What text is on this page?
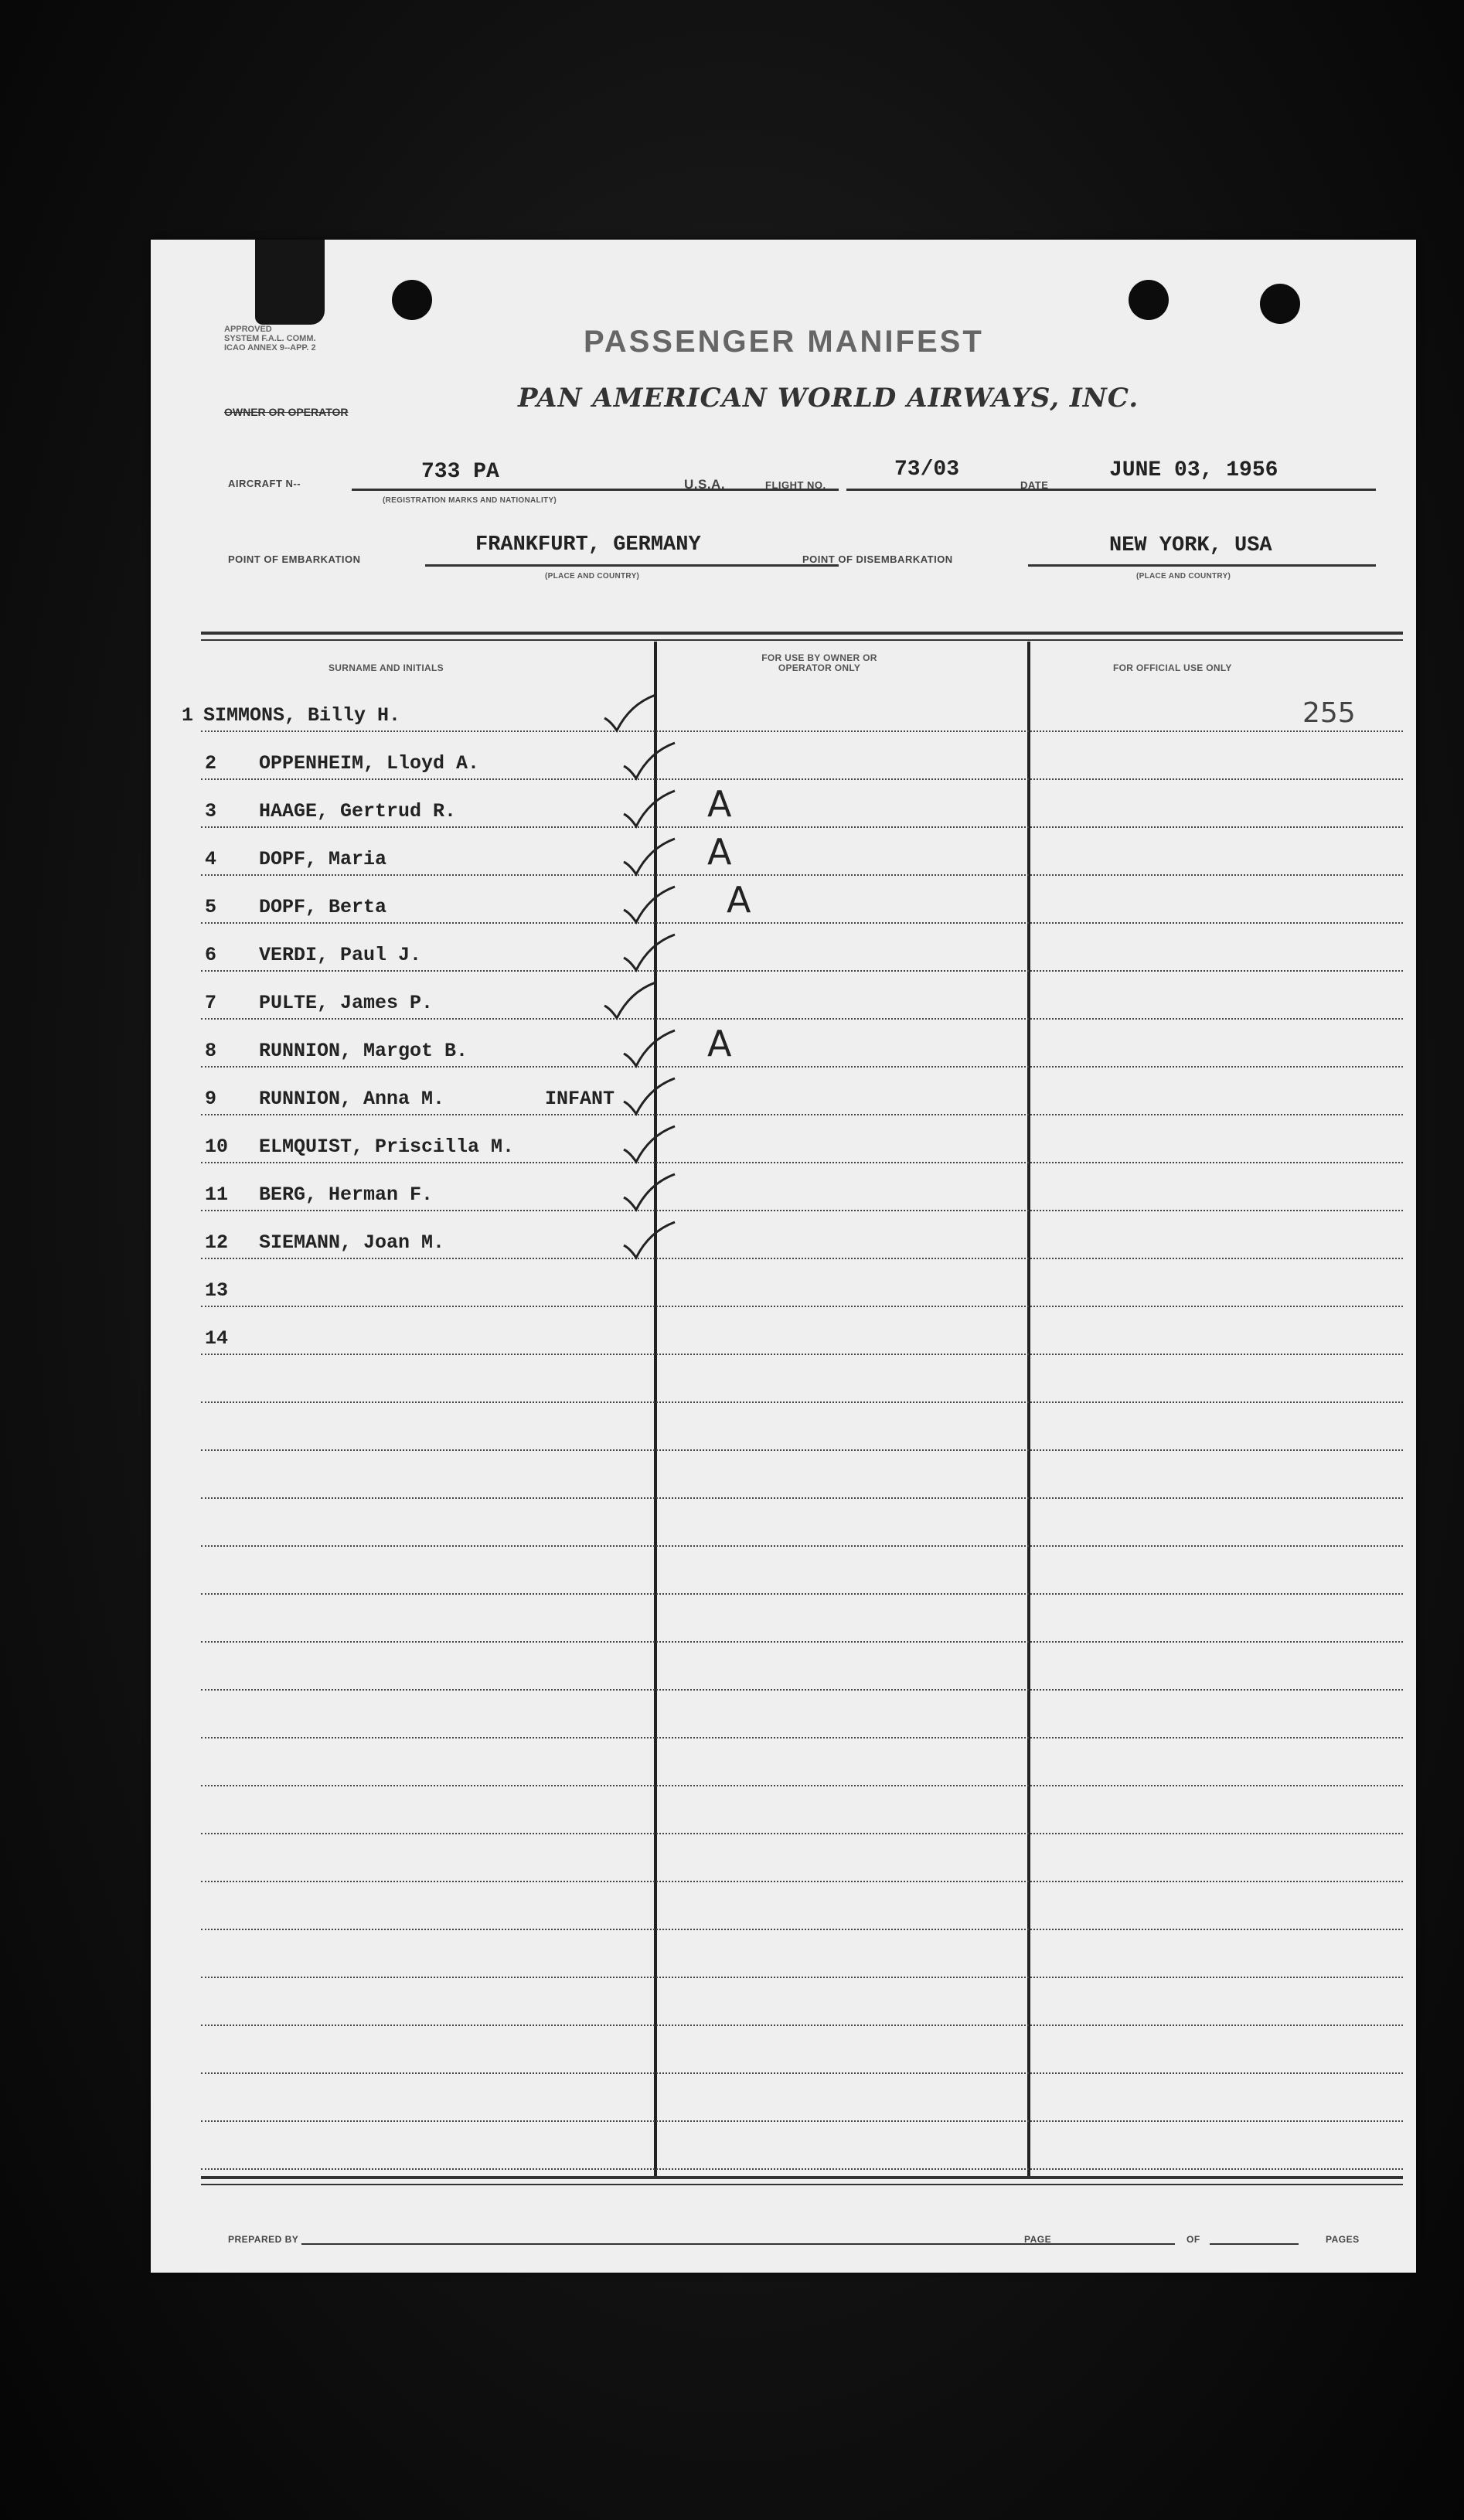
APPROVED
SYSTEM F.A.L. COMM.
ICAO ANNEX 9--APP. 2
OWNER OR OPERATOR
PASSENGER MANIFEST
PAN AMERICAN WORLD AIRWAYS, INC.
AIRCRAFT N--	733 PA
(REGISTRATION MARKS AND NATIONALITY)
U.S.A.	FLIGHT NO.
73/03
DATE
JUNE 03, 1956
POINT OF EMBARKATION
FRANKFURT, GERMANY
(PLACE AND COUNTRY)
POINT OF DISEMBARKATION
NEW YORK, USA
(PLACE AND COUNTRY)
SURNAME AND INITIALS
FOR USE BY OWNER OR OPERATOR ONLY	FOR OFFICIAL USE ONLY
255
1 SIMMONS, Billy H.
2 OPPENHEIM, Lloyd A.
3 HAAGE, Gertrud R.	A
4 DOPF, Maria	A
5 DOPF, Berta	A
6 VERDI, Paul J.
7 PULTE, James P.
8 RUNNION, Margot B.	A
9 RUNNION, Anna M.	INFANT
10 ELMQUIST, Priscilla M.
11 BERG, Herman F.
12 SIEMANN, Joan M.
13
14
PREPARED BY	PAGE	OF	PAGES
